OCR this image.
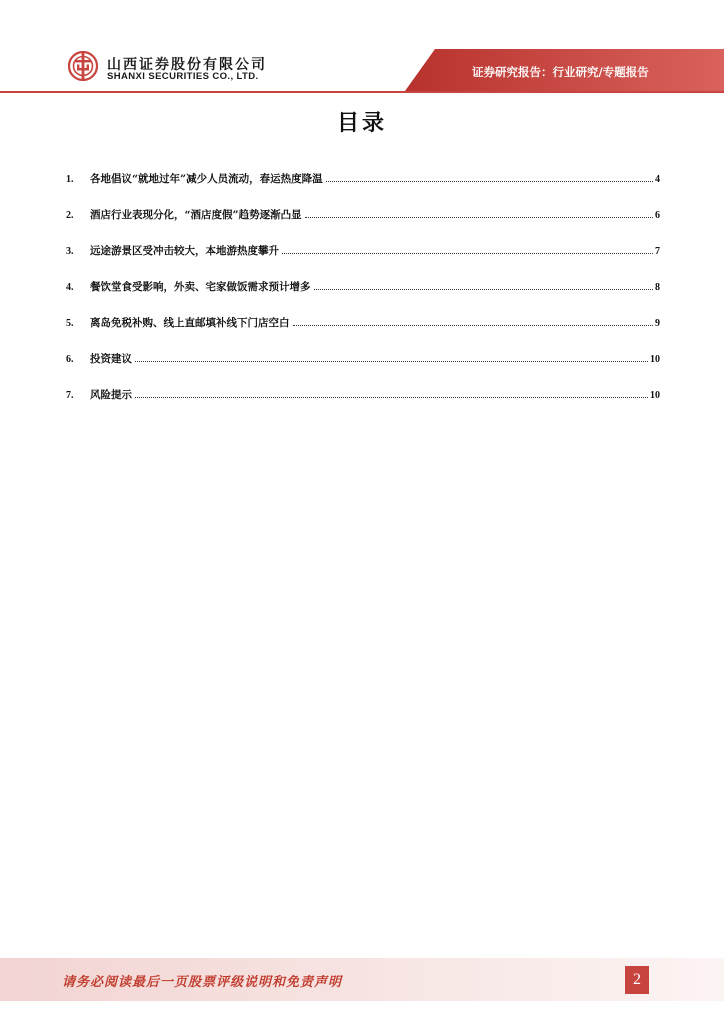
山西证券股份有限公司
SHANXI SECURITIES CO., LTD.	证券研究报告：行业研究/专题报告
目录
1.	各地倡议“就地过年”减少人员流动，春运热度降温	4
2.	酒店行业表现分化，“酒店度假”趋势逐渐凸显	6
3.	远途游景区受冲击较大，本地游热度攀升	7
4.	餐饮堂食受影响，外卖、宅家做饭需求预计增多	8
5.	离岛免税补购、线上直邮填补线下门店空白	9
6.	投资建议	10
7.	风险提示	10
请务必阅读最后一页股票评级说明和免责声明	2
